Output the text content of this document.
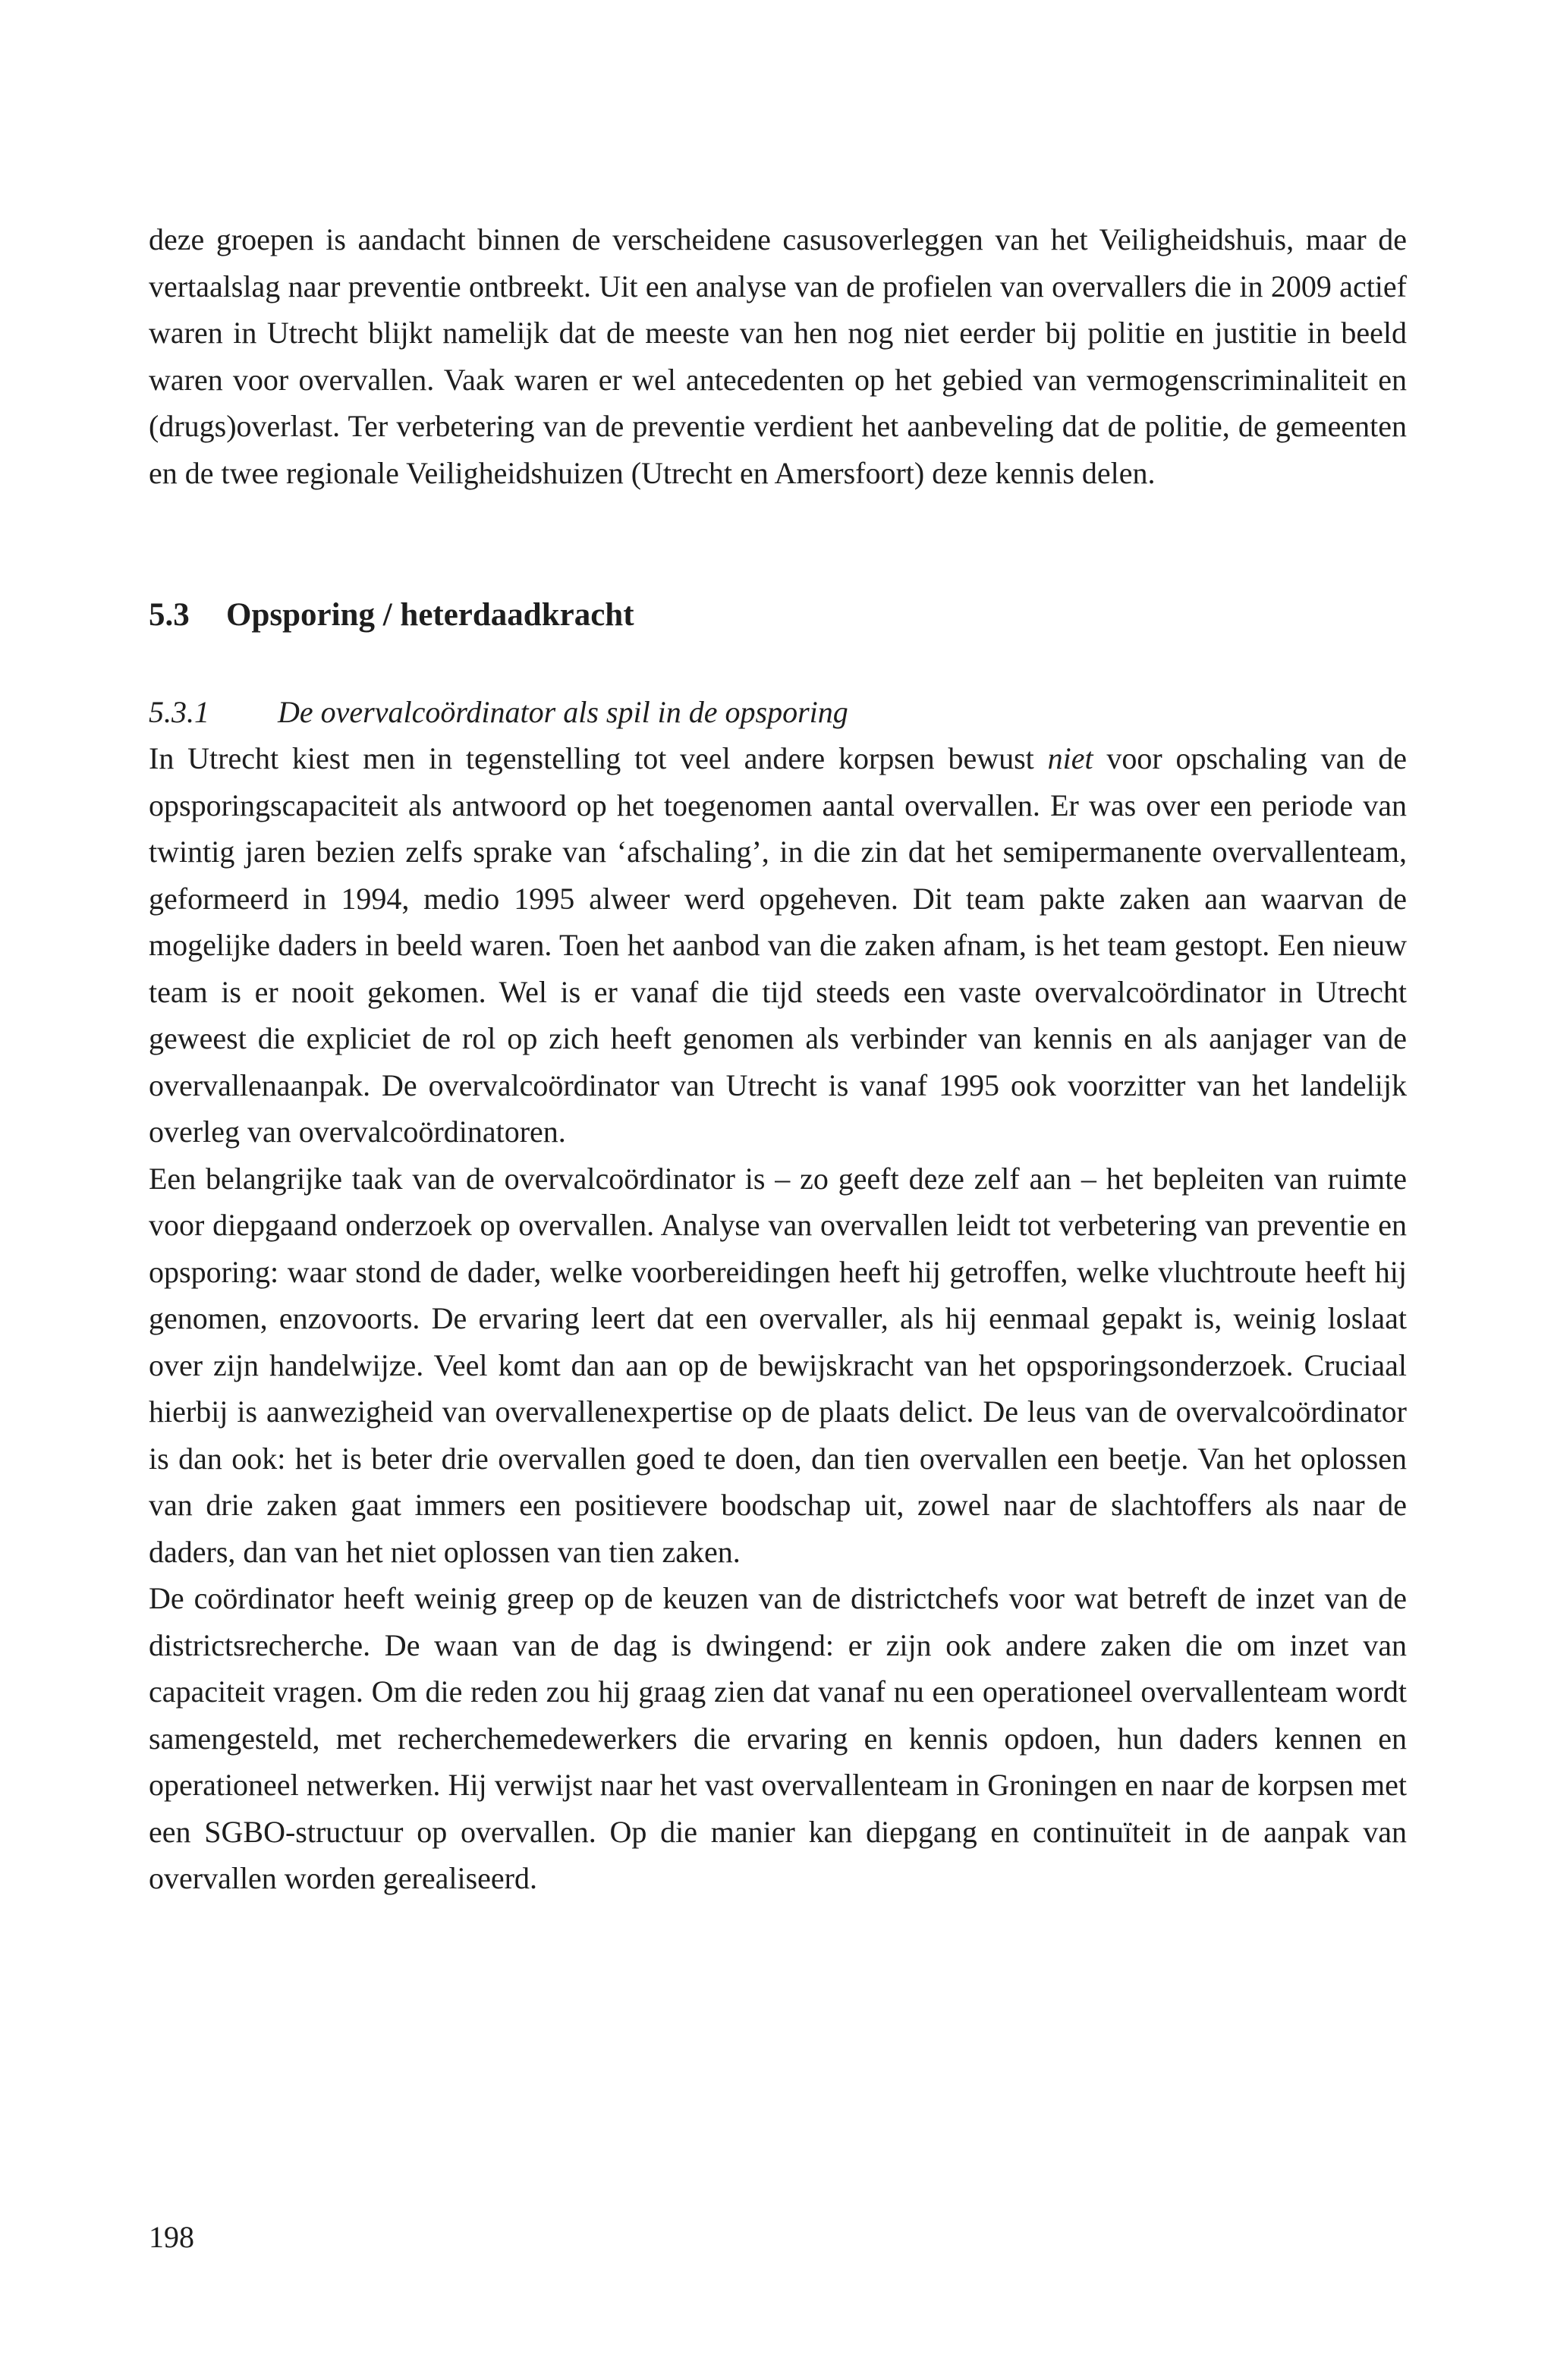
deze groepen is aandacht binnen de verscheidene casusoverleggen van het Veiligheidshuis, maar de vertaalslag naar preventie ontbreekt. Uit een analyse van de profielen van overvallers die in 2009 actief waren in Utrecht blijkt namelijk dat de meeste van hen nog niet eerder bij politie en justitie in beeld waren voor overvallen. Vaak waren er wel antecedenten op het gebied van vermogenscriminaliteit en (drugs)overlast. Ter verbetering van de preventie verdient het aanbeveling dat de politie, de gemeenten en de twee regionale Veiligheidshuizen (Utrecht en Amersfoort) deze kennis delen.

5.3 Opsporing / heterdaadkracht
5.3.1 De overvalcoördinator als spil in de opsporing

In Utrecht kiest men in tegenstelling tot veel andere korpsen bewust niet voor opschaling van de opsporingscapaciteit als antwoord op het toegenomen aantal overvallen. Er was over een periode van twintig jaren bezien zelfs sprake van ‘afschaling’, in die zin dat het semipermanente overvallenteam, geformeerd in 1994, medio 1995 alweer werd opgeheven. Dit team pakte zaken aan waarvan de mogelijke daders in beeld waren. Toen het aanbod van die zaken afnam, is het team gestopt. Een nieuw team is er nooit gekomen. Wel is er vanaf die tijd steeds een vaste overvalcoördinator in Utrecht geweest die expliciet de rol op zich heeft genomen als verbinder van kennis en als aanjager van de overvallenaanpak. De overvalcoördinator van Utrecht is vanaf 1995 ook voorzitter van het landelijk overleg van overvalcoördinatoren.

Een belangrijke taak van de overvalcoördinator is – zo geeft deze zelf aan – het bepleiten van ruimte voor diepgaand onderzoek op overvallen. Analyse van overvallen leidt tot verbetering van preventie en opsporing: waar stond de dader, welke voorbereidingen heeft hij getroffen, welke vluchtroute heeft hij genomen, enzovoorts. De ervaring leert dat een overvaller, als hij eenmaal gepakt is, weinig loslaat over zijn handelwijze. Veel komt dan aan op de bewijskracht van het opsporingsonderzoek. Cruciaal hierbij is aanwezigheid van overvallenexpertise op de plaats delict. De leus van de overvalcoördinator is dan ook: het is beter drie overvallen goed te doen, dan tien overvallen een beetje. Van het oplossen van drie zaken gaat immers een positievere boodschap uit, zowel naar de slachtoffers als naar de daders, dan van het niet oplossen van tien zaken.

De coördinator heeft weinig greep op de keuzen van de districtchefs voor wat betreft de inzet van de districtsrecherche. De waan van de dag is dwingend: er zijn ook andere zaken die om inzet van capaciteit vragen. Om die reden zou hij graag zien dat vanaf nu een operationeel overvallenteam wordt samengesteld, met recherchemedewerkers die ervaring en kennis opdoen, hun daders kennen en operationeel netwerken. Hij verwijst naar het vast overvallenteam in Groningen en naar de korpsen met een SGBO-structuur op overvallen. Op die manier kan diepgang en continuïteit in de aanpak van overvallen worden gerealiseerd.

198
